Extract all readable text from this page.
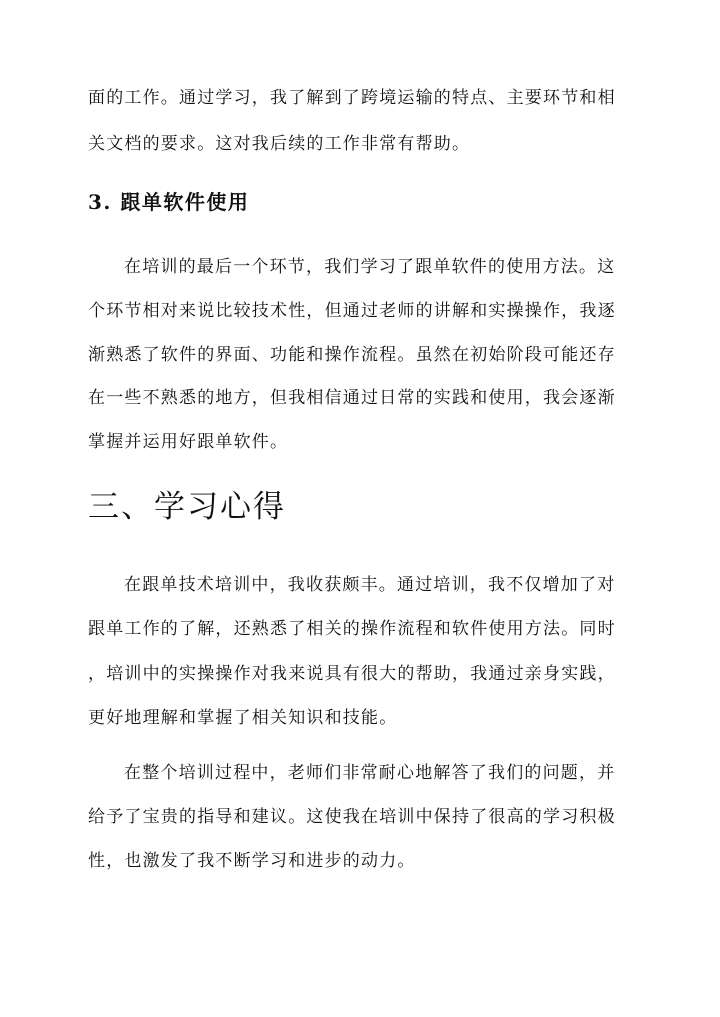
面的工作。通过学习，我了解到了跨境运输的特点、主要环节和相
关文档的要求。这对我后续的工作非常有帮助。
3. 跟单软件使用
在培训的最后一个环节，我们学习了跟单软件的使用方法。这
个环节相对来说比较技术性，但通过老师的讲解和实操操作，我逐
渐熟悉了软件的界面、功能和操作流程。虽然在初始阶段可能还存
在一些不熟悉的地方，但我相信通过日常的实践和使用，我会逐渐
掌握并运用好跟单软件。
三、学习心得
在跟单技术培训中，我收获颇丰。通过培训，我不仅增加了对
跟单工作的了解，还熟悉了相关的操作流程和软件使用方法。同时
，培训中的实操操作对我来说具有很大的帮助，我通过亲身实践，
更好地理解和掌握了相关知识和技能。
在整个培训过程中，老师们非常耐心地解答了我们的问题，并
给予了宝贵的指导和建议。这使我在培训中保持了很高的学习积极
性，也激发了我不断学习和进步的动力。
